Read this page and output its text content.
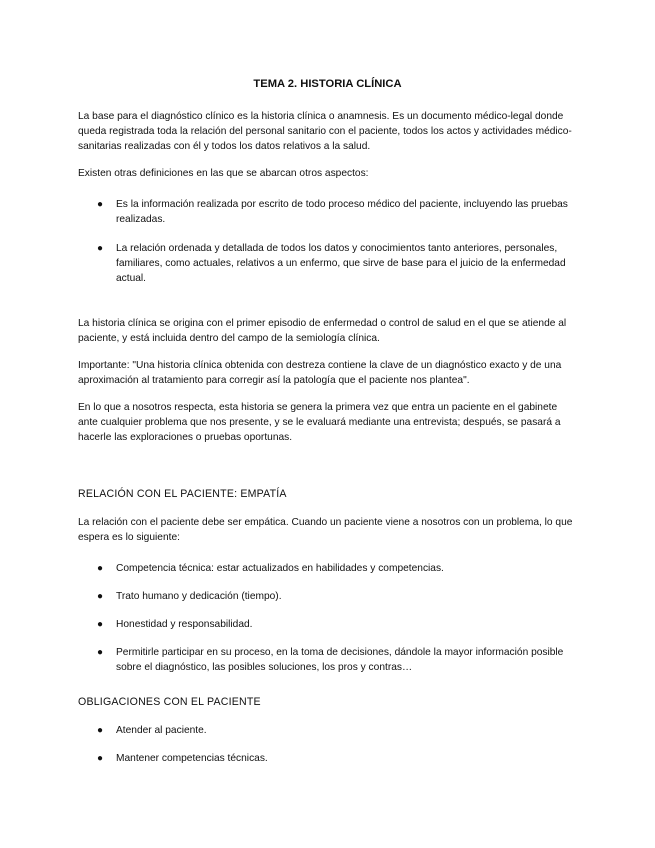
TEMA 2. HISTORIA CLÍNICA

La base para el diagnóstico clínico es la historia clínica o anamnesis. Es un documento médico-legal donde queda registrada toda la relación del personal sanitario con el paciente, todos los actos y actividades médico-sanitarias realizadas con él y todos los datos relativos a la salud.

Existen otras definiciones en las que se abarcan otros aspectos:

● Es la información realizada por escrito de todo proceso médico del paciente, incluyendo las pruebas realizadas.
● La relación ordenada y detallada de todos los datos y conocimientos tanto anteriores, personales, familiares, como actuales, relativos a un enfermo, que sirve de base para el juicio de la enfermedad actual.

La historia clínica se origina con el primer episodio de enfermedad o control de salud en el que se atiende al paciente, y está incluida dentro del campo de la semiología clínica.

Importante: "Una historia clínica obtenida con destreza contiene la clave de un diagnóstico exacto y de una aproximación al tratamiento para corregir así la patología que el paciente nos plantea".

En lo que a nosotros respecta, esta historia se genera la primera vez que entra un paciente en el gabinete ante cualquier problema que nos presente, y se le evaluará mediante una entrevista; después, se pasará a hacerle las exploraciones o pruebas oportunas.

RELACIÓN CON EL PACIENTE: EMPATÍA

La relación con el paciente debe ser empática. Cuando un paciente viene a nosotros con un problema, lo que espera es lo siguiente:

● Competencia técnica: estar actualizados en habilidades y competencias.
● Trato humano y dedicación (tiempo).
● Honestidad y responsabilidad.
● Permitirle participar en su proceso, en la toma de decisiones, dándole la mayor información posible sobre el diagnóstico, las posibles soluciones, los pros y contras…
OBLIGACIONES CON EL PACIENTE
● Atender al paciente.
● Mantener competencias técnicas.
